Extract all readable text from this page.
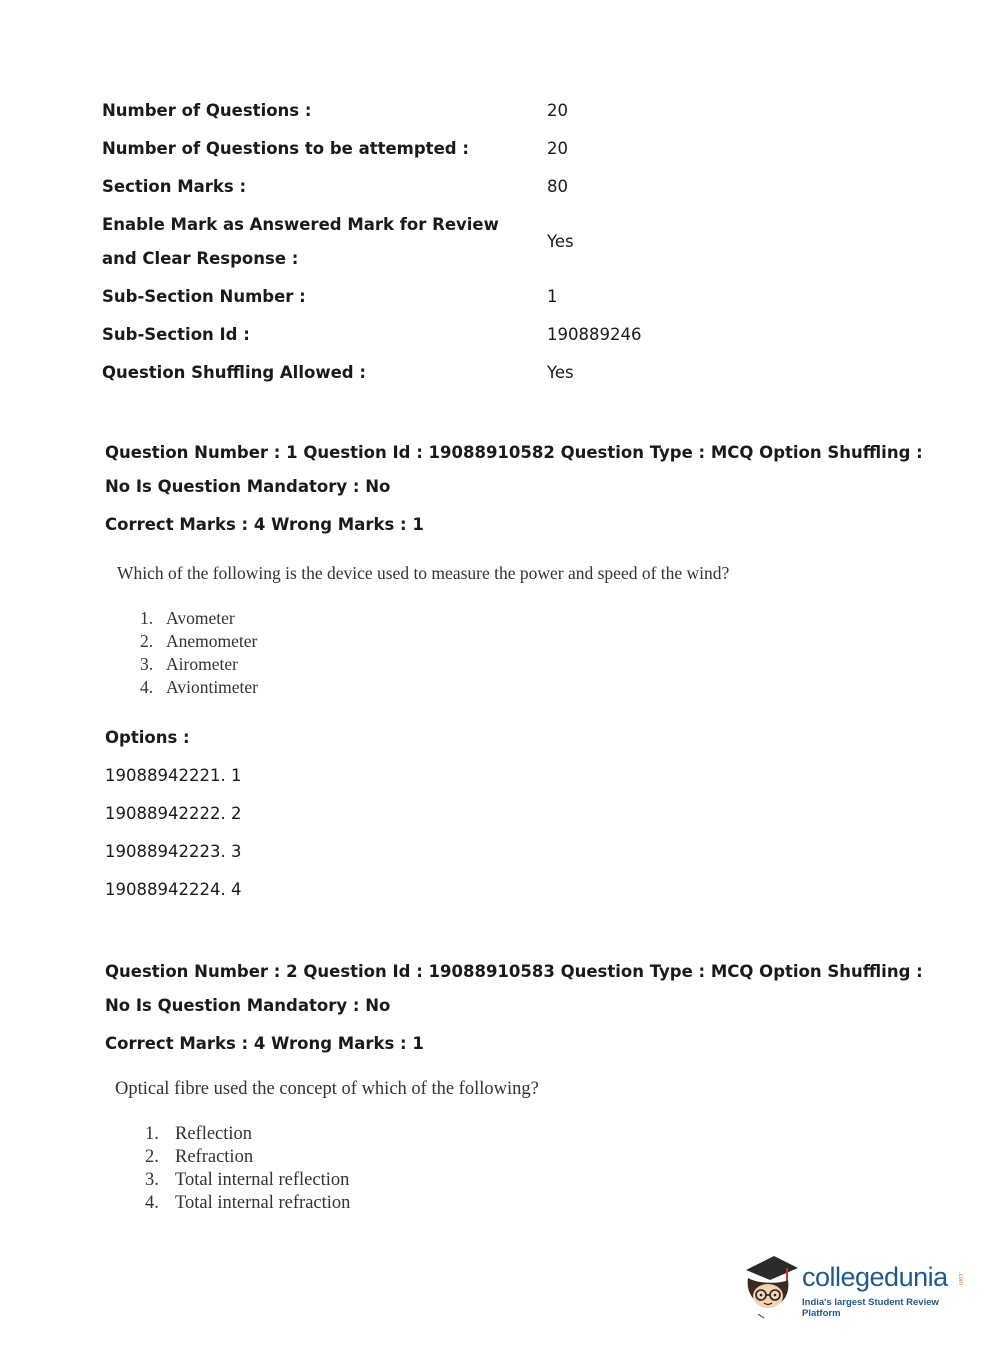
Number of Questions :	20
Number of Questions to be attempted :	20
Section Marks :	80
Enable Mark as Answered Mark for Review and Clear Response :
Yes
Sub-Section Number :	1
Sub-Section Id :	190889246
Question Shuffling Allowed :	Yes
Question Number : 1 Question Id : 19088910582 Question Type : MCQ Option Shuffling : No Is Question Mandatory : No
Correct Marks : 4 Wrong Marks : 1
Which of the following is the device used to measure the power and speed of the wind?
1. Avometer
2. Anemometer
3. Airometer
4. Aviontimeter
Options :
19088942221. 1
19088942222. 2
19088942223. 3
19088942224. 4
Question Number : 2 Question Id : 19088910583 Question Type : MCQ Option Shuffling : No Is Question Mandatory : No
Correct Marks : 4 Wrong Marks : 1
Optical fibre used the concept of which of the following?
1. Reflection
2. Refraction
3. Total internal reflection
4. Total internal refraction
collegedunia .com
India's largest Student Review Platform
